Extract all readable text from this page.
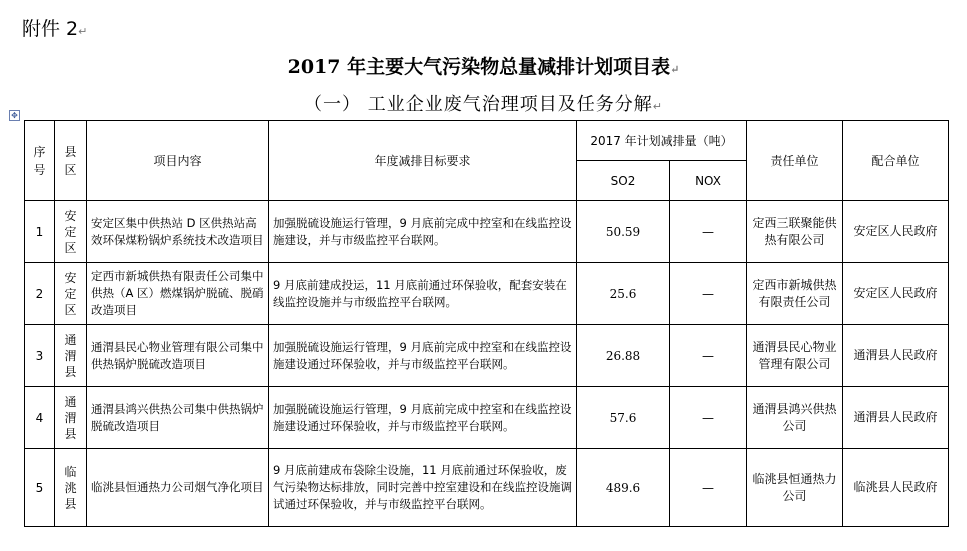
附件 2↵
2017 年主要大气污染物总量减排计划项目表↵
（一） 工业企业废气治理项目及任务分解↵
✥
序号	县区	项目内容	年度减排目标要求	2017 年计划减排量（吨）		责任单位	配合单位
				SO2	NOX		
1	安定区	安定区集中供热站 D 区供热站高效环保煤粉锅炉系统技术改造项目	加强脱硫设施运行管理，9 月底前完成中控室和在线监控设施建设，并与市级监控平台联网。	50.59	—	定西三联聚能供热有限公司	安定区人民政府
2	安定区	定西市新城供热有限责任公司集中供热（A 区）燃煤锅炉脱硫、脱硝改造项目	9 月底前建成投运，11 月底前通过环保验收，配套安装在线监控设施并与市级监控平台联网。	25.6	—	定西市新城供热有限责任公司	安定区人民政府
3	通渭县	通渭县民心物业管理有限公司集中供热锅炉脱硫改造项目	加强脱硫设施运行管理，9 月底前完成中控室和在线监控设施建设通过环保验收，并与市级监控平台联网。	26.88	—	通渭县民心物业管理有限公司	通渭县人民政府
4	通渭县	通渭县鸿兴供热公司集中供热锅炉脱硫改造项目	加强脱硫设施运行管理，9 月底前完成中控室和在线监控设施建设通过环保验收，并与市级监控平台联网。	57.6	—	通渭县鸿兴供热公司	通渭县人民政府
5	临洮县	临洮县恒通热力公司烟气净化项目	9 月底前建成布袋除尘设施，11 月底前通过环保验收，废气污染物达标排放，同时完善中控室建设和在线监控设施调试通过环保验收，并与市级监控平台联网。	489.6	—	临洮县恒通热力公司	临洮县人民政府
